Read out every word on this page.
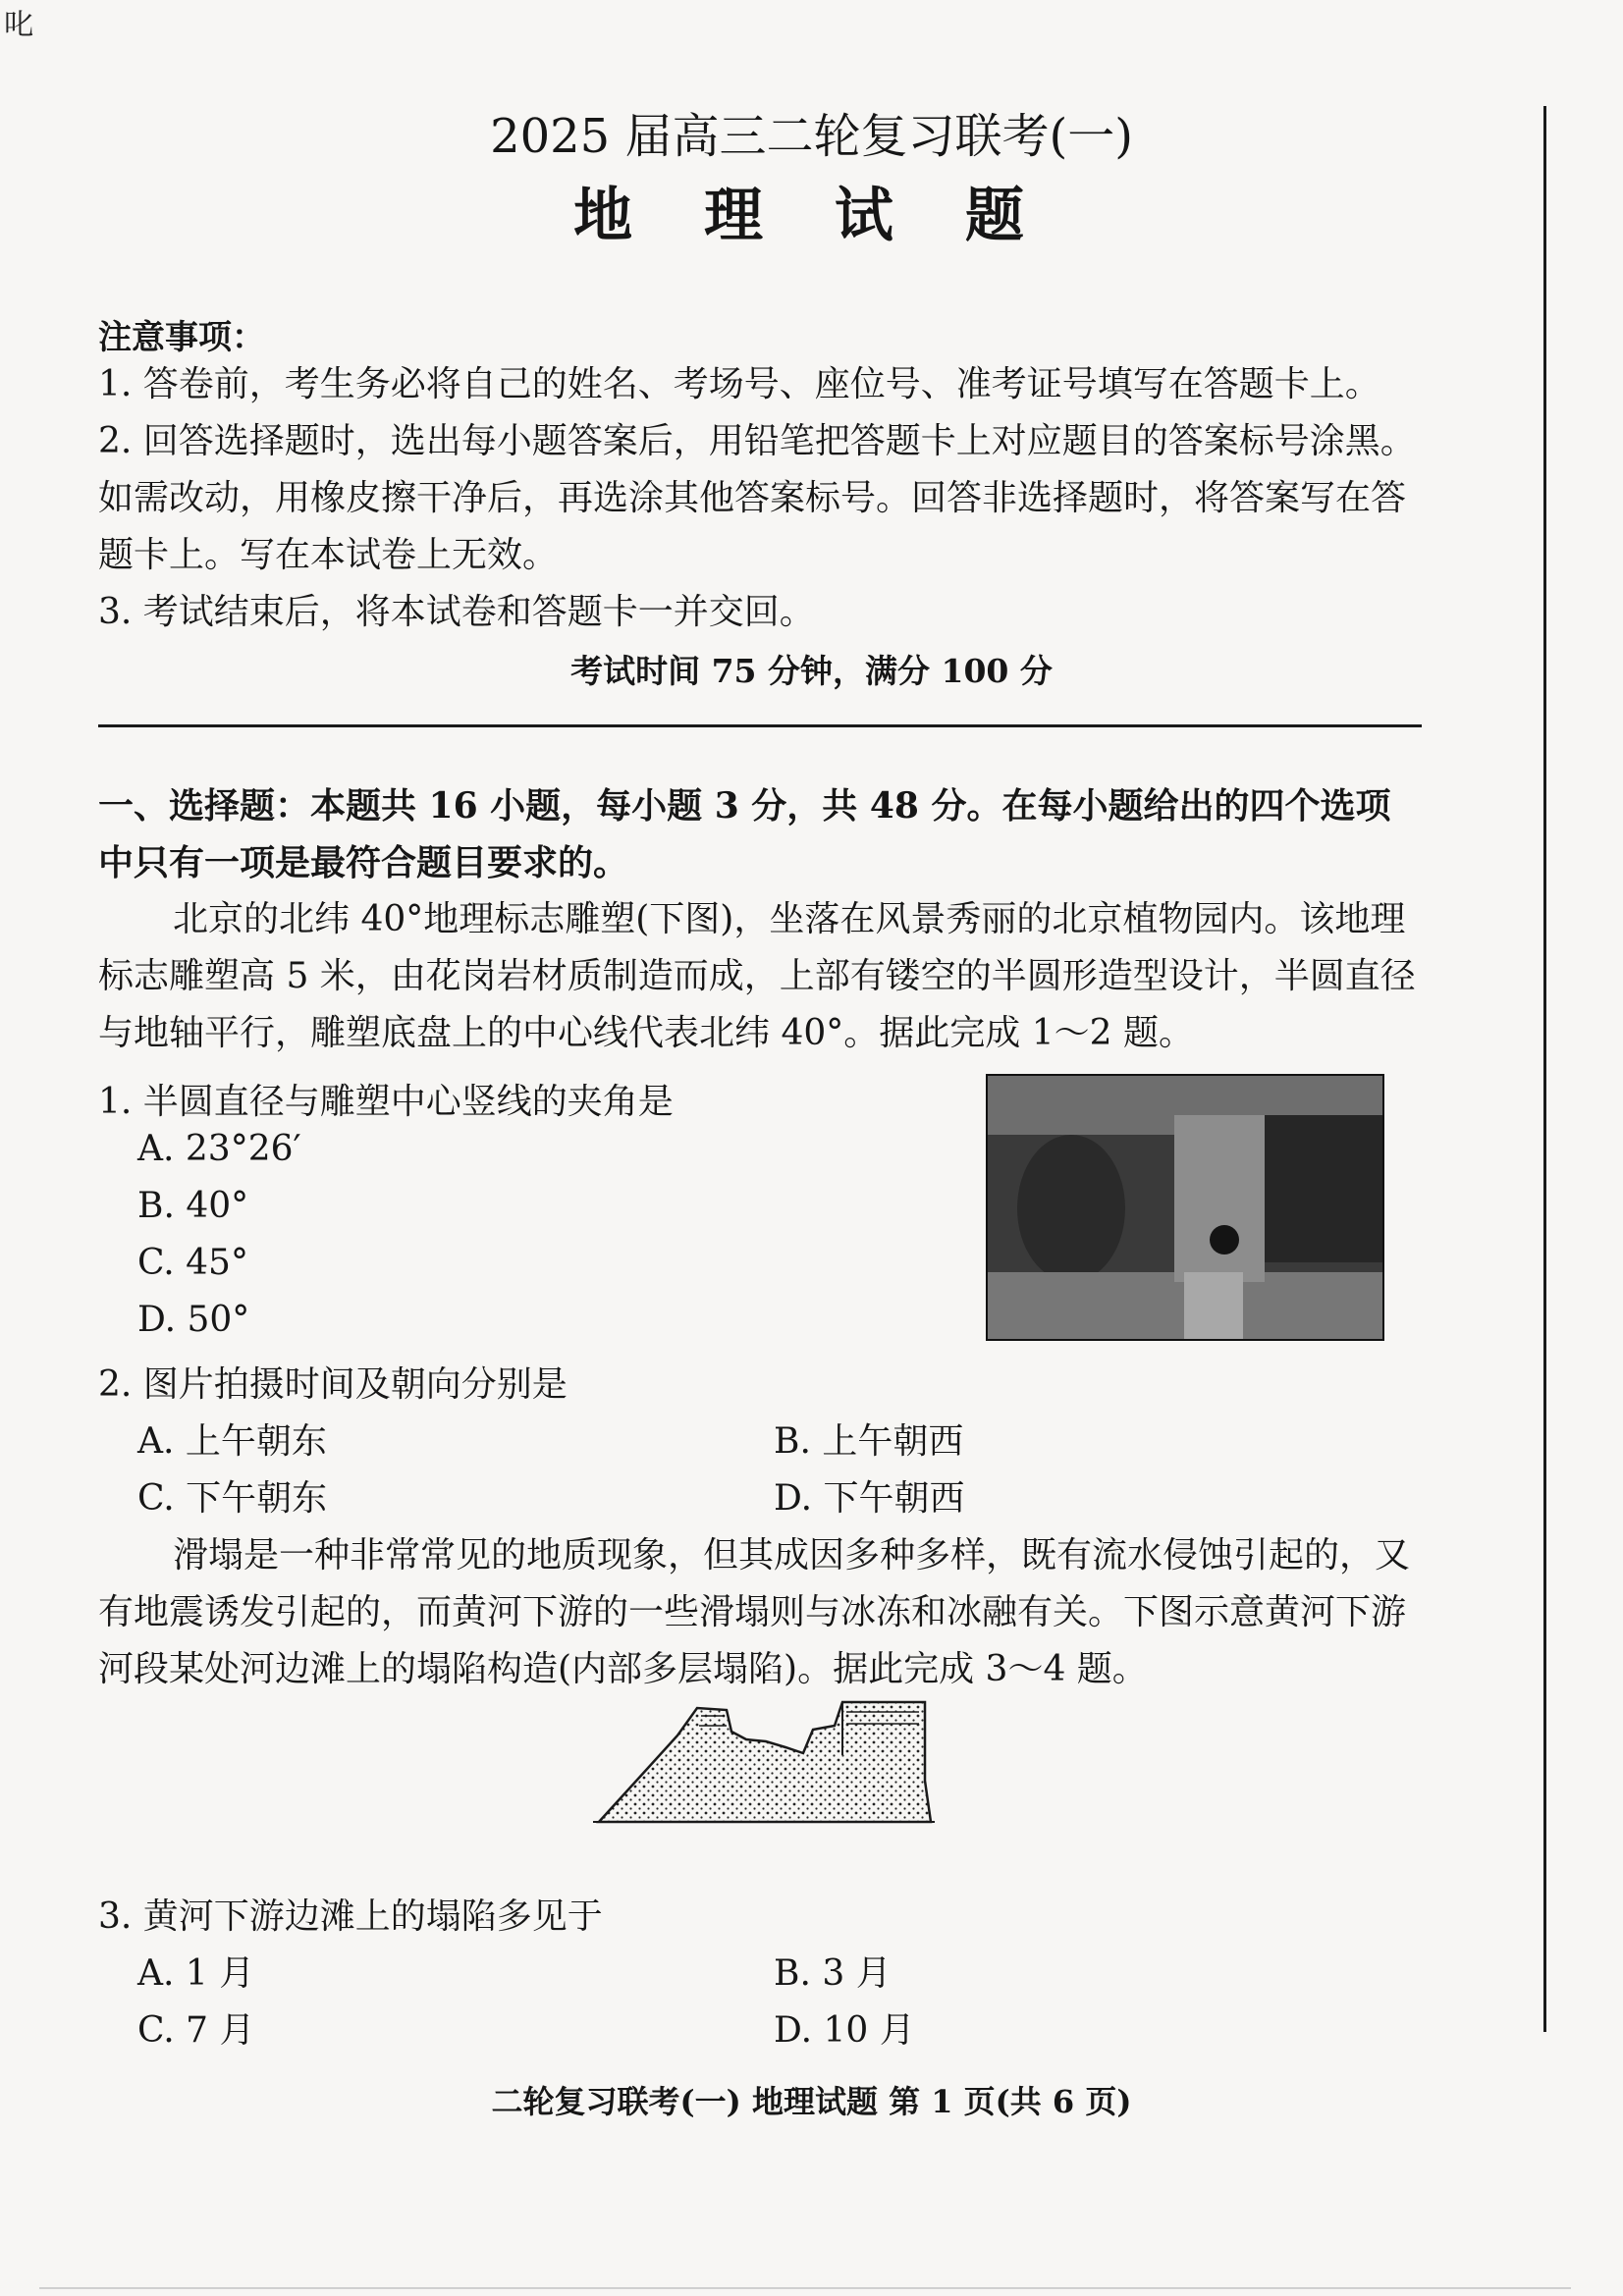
叱
2025 届高三二轮复习联考(一)
地 理 试 题
注意事项：
1. 答卷前，考生务必将自己的姓名、考场号、座位号、准考证号填写在答题卡上。
2. 回答选择题时，选出每小题答案后，用铅笔把答题卡上对应题目的答案标号涂黑。如需改动，用橡皮擦干净后，再选涂其他答案标号。回答非选择题时，将答案写在答题卡上。写在本试卷上无效。
3. 考试结束后，将本试卷和答题卡一并交回。
考试时间 75 分钟，满分 100 分
一、选择题：本题共 16 小题，每小题 3 分，共 48 分。在每小题给出的四个选项中只有一项是最符合题目要求的。
北京的北纬 40°地理标志雕塑(下图)，坐落在风景秀丽的北京植物园内。该地理标志雕塑高 5 米，由花岗岩材质制造而成，上部有镂空的半圆形造型设计，半圆直径与地轴平行，雕塑底盘上的中心线代表北纬 40°。据此完成 1～2 题。
1. 半圆直径与雕塑中心竖线的夹角是
A. 23°26′
B. 40°
C. 45°
D. 50°
2. 图片拍摄时间及朝向分别是
A. 上午朝东	B. 上午朝西
C. 下午朝东	D. 下午朝西
滑塌是一种非常常见的地质现象，但其成因多种多样，既有流水侵蚀引起的，又有地震诱发引起的，而黄河下游的一些滑塌则与冰冻和冰融有关。下图示意黄河下游河段某处河边滩上的塌陷构造(内部多层塌陷)。据此完成 3～4 题。
3. 黄河下游边滩上的塌陷多见于
A. 1 月	B. 3 月
C. 7 月	D. 10 月
二轮复习联考(一) 地理试题 第 1 页(共 6 页)
